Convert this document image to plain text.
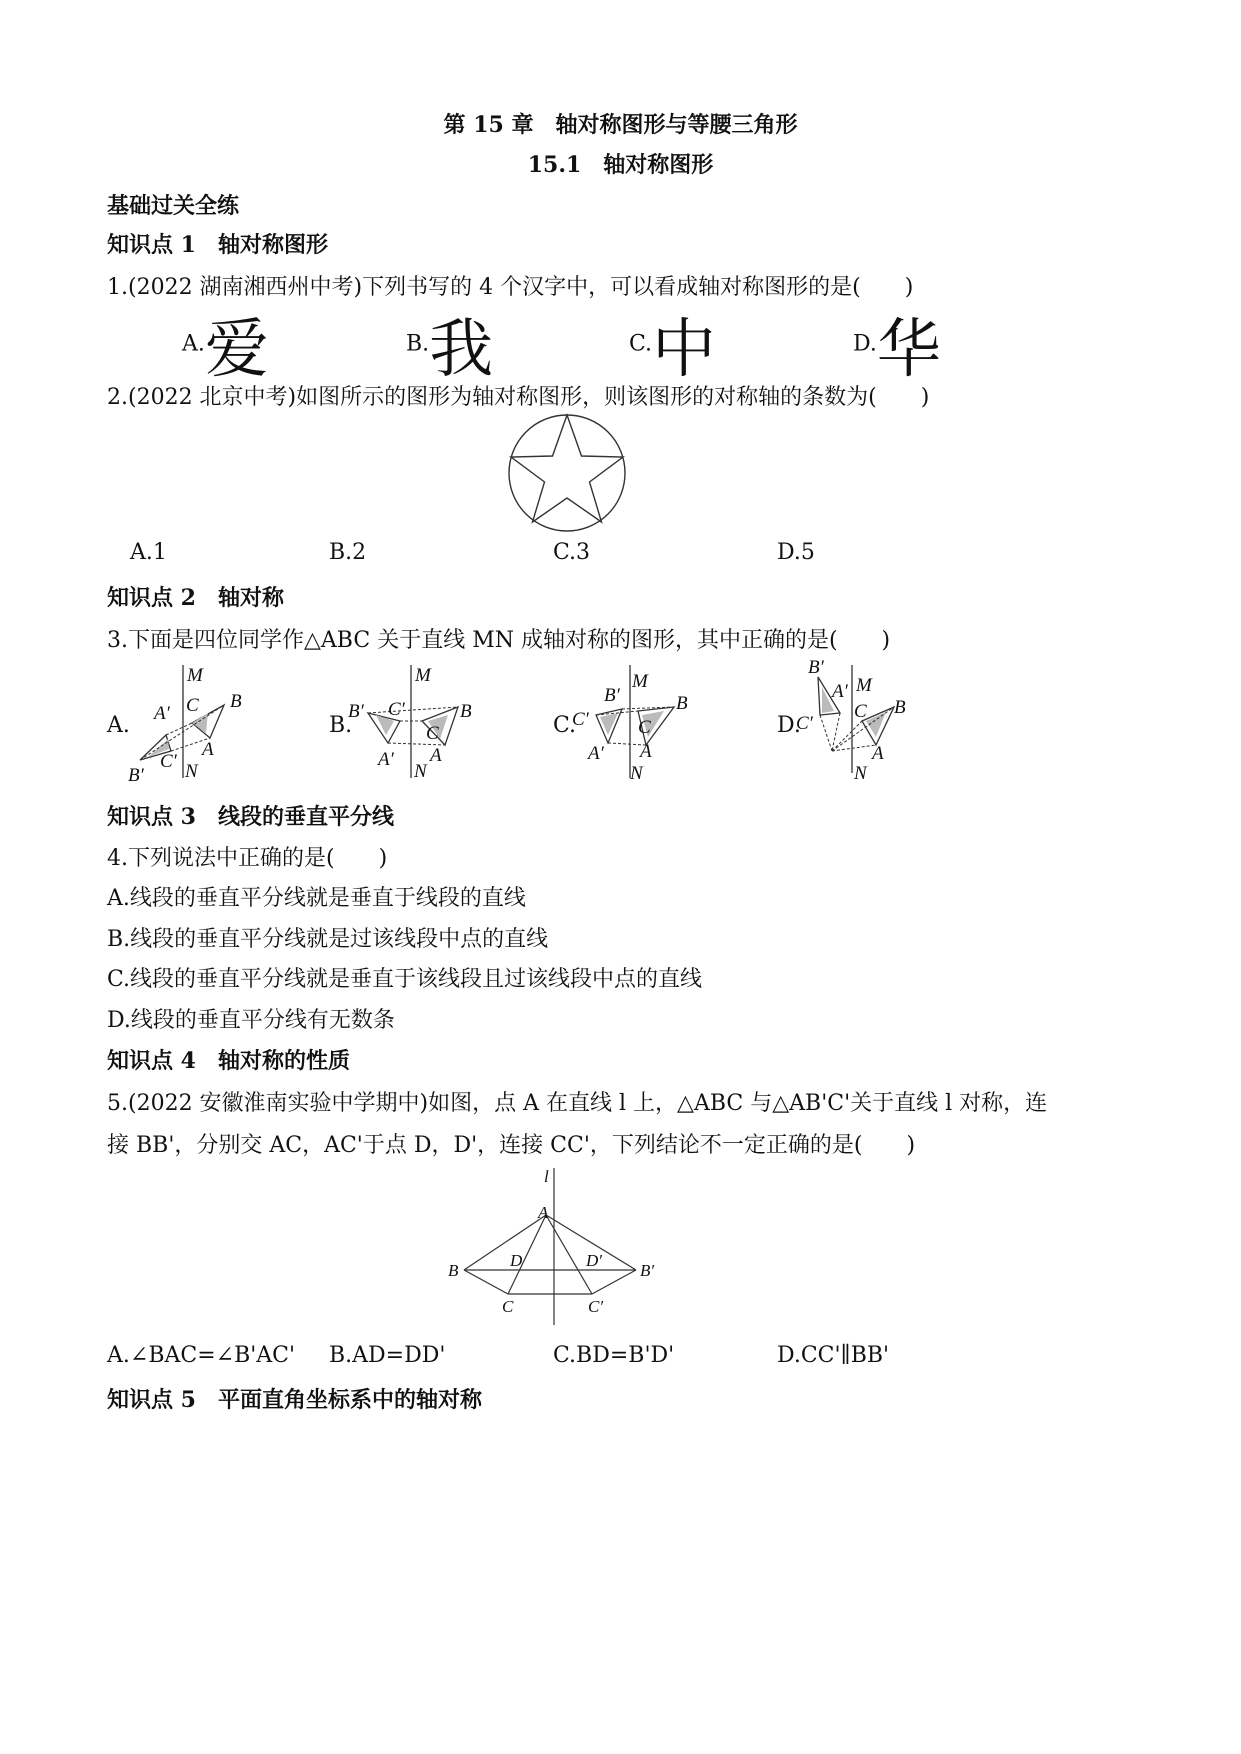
第 15 章　轴对称图形与等腰三角形
15.1　轴对称图形
基础过关全练
知识点 1　轴对称图形
1.(2022 湖南湘西州中考)下列书写的 4 个汉字中，可以看成轴对称图形的是(　　)
A.爱	B.我	C.中	D.华
2.(2022 北京中考)如图所示的图形为轴对称图形，则该图形的对称轴的条数为(　　)
A.1	B.2	C.3	D.5
知识点 2　轴对称
3.下面是四位同学作△ABC 关于直线 MN 成轴对称的图形，其中正确的是(　　)
A.
M
C B
A′
A
C′ N
B′
B.
M
C′
B′	B
C
A
A′
N
C.
M
B′	B
C′	C
A′ A
N
D.
B′
A′ M
C B
C′
A
N
知识点 3　线段的垂直平分线
4.下列说法中正确的是(　　)
A.线段的垂直平分线就是垂直于线段的直线
B.线段的垂直平分线就是过该线段中点的直线
C.线段的垂直平分线就是垂直于该线段且过该线段中点的直线
D.线段的垂直平分线有无数条
知识点 4　轴对称的性质
5.(2022 安徽淮南实验中学期中)如图，点 A 在直线 l 上，△ABC 与△AB'C'关于直线 l 对称，连
接 BB'，分别交 AC，AC'于点 D，D'，连接 CC'，下列结论不一定正确的是(　　)
l
A
B
D	D′
B′
C	C′
A.∠BAC=∠B'AC' B.AD=DD'	C.BD=B'D'	D.CC'∥BB'
知识点 5　平面直角坐标系中的轴对称
